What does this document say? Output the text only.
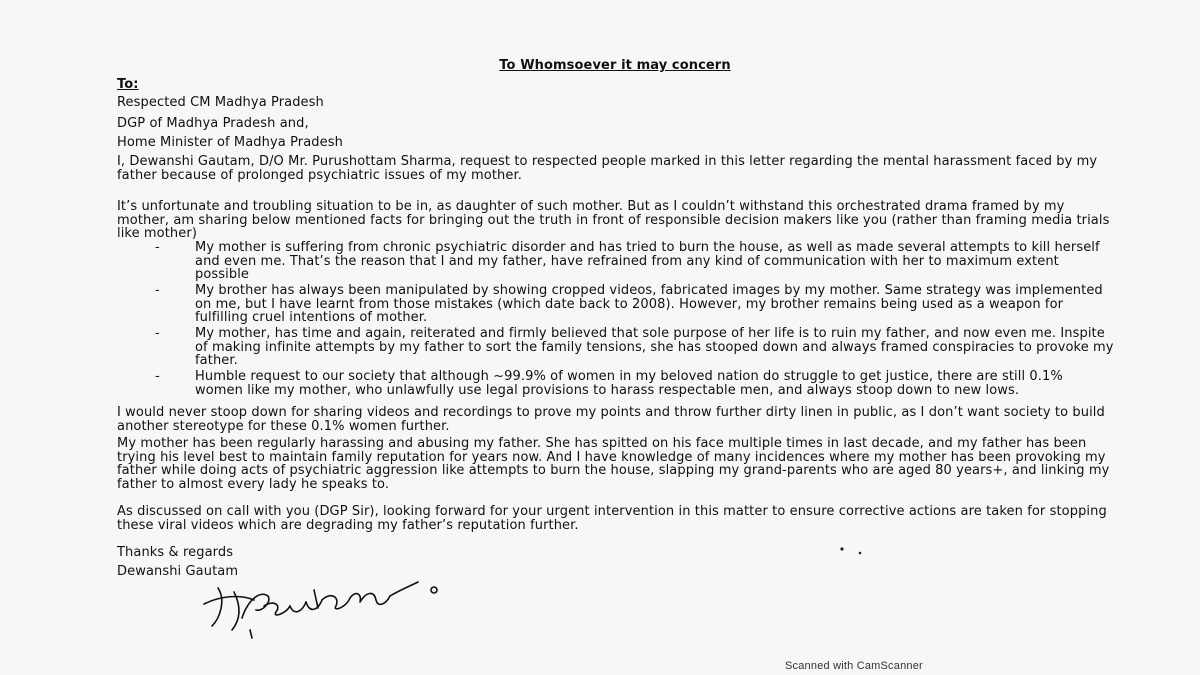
To Whomsoever it may concern
To:
Respected CM Madhya Pradesh
DGP of Madhya Pradesh and,
Home Minister of Madhya Pradesh
I, Dewanshi Gautam, D/O Mr. Purushottam Sharma, request to respected people marked in this letter regarding the mental harassment faced by my father because of prolonged psychiatric issues of my mother.
It’s unfortunate and troubling situation to be in, as daughter of such mother. But as I couldn’t withstand this orchestrated drama framed by my mother, am sharing below mentioned facts for bringing out the truth in front of responsible decision makers like you (rather than framing media trials like mother)
-	My mother is suffering from chronic psychiatric disorder and has tried to burn the house, as well as made several attempts to kill herself and even me. That’s the reason that I and my father, have refrained from any kind of communication with her to maximum extent possible
-	My brother has always been manipulated by showing cropped videos, fabricated images by my mother. Same strategy was implemented on me, but I have learnt from those mistakes (which date back to 2008). However, my brother remains being used as a weapon for fulfilling cruel intentions of mother.
-	My mother, has time and again, reiterated and firmly believed that sole purpose of her life is to ruin my father, and now even me. Inspite of making infinite attempts by my father to sort the family tensions, she has stooped down and always framed conspiracies to provoke my father.
-	Humble request to our society that although ~99.9% of women in my beloved nation do struggle to get justice, there are still 0.1% women like my mother, who unlawfully use legal provisions to harass respectable men, and always stoop down to new lows.
I would never stoop down for sharing videos and recordings to prove my points and throw further dirty linen in public, as I don’t want society to build another stereotype for these 0.1% women further.
My mother has been regularly harassing and abusing my father. She has spitted on his face multiple times in last decade, and my father has been trying his level best to maintain family reputation for years now. And I have knowledge of many incidences where my mother has been provoking my father while doing acts of psychiatric aggression like attempts to burn the house, slapping my grand-parents who are aged 80 years+, and linking my father to almost every lady he speaks to.
As discussed on call with you (DGP Sir), looking forward for your urgent intervention in this matter to ensure corrective actions are taken for stopping these viral videos which are degrading my father’s reputation further.
Thanks & regards
Dewanshi Gautam
Scanned with CamScanner
